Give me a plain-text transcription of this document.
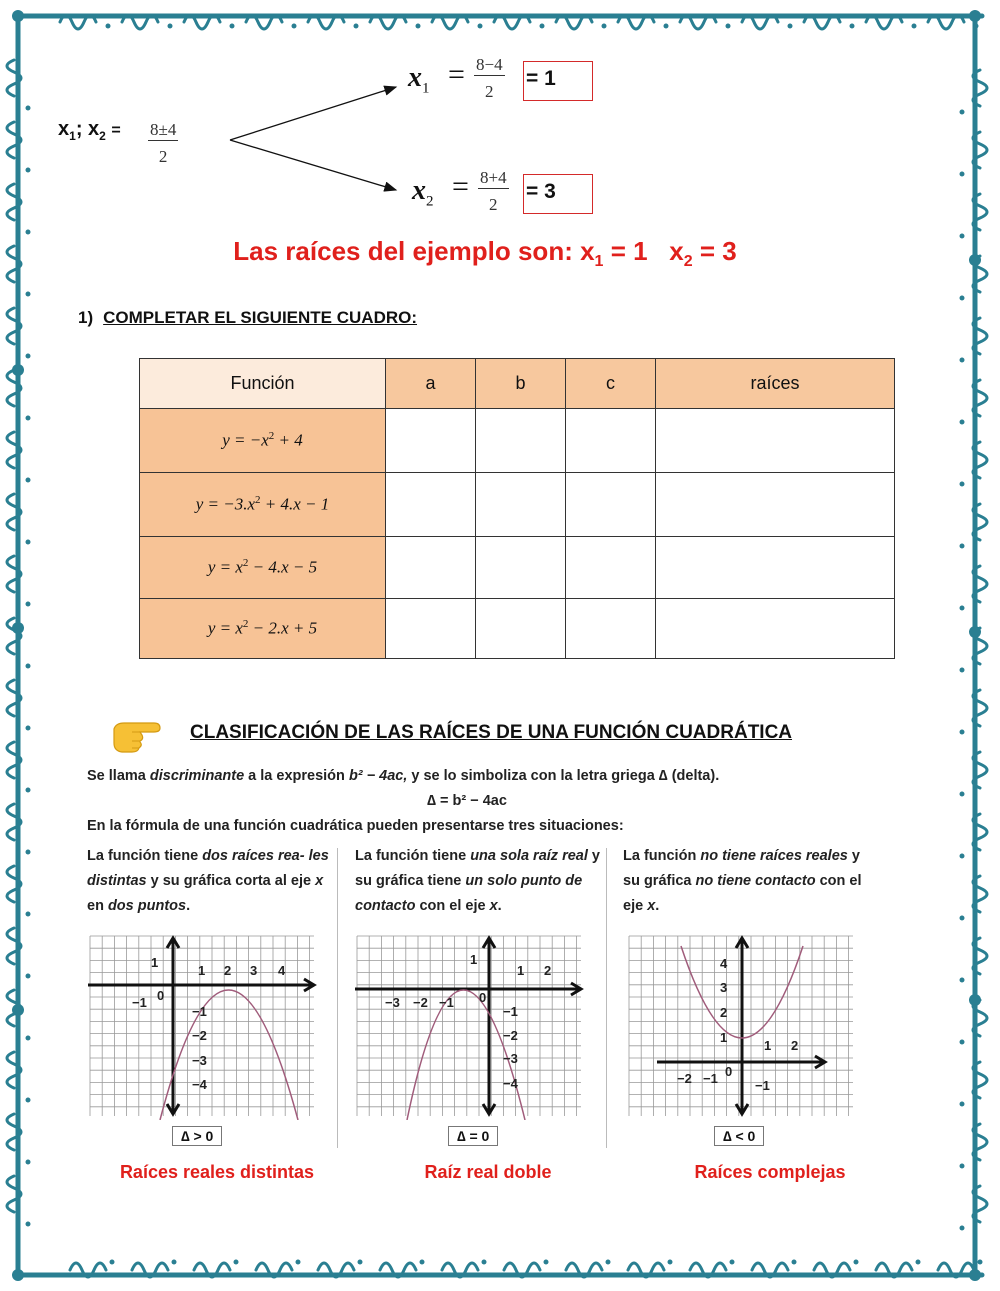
$x_1$; $x_2 = \frac{8\pm 4}{2}$
$x_1 = \frac{8-4}{2} = 1$
$x_2 = \frac{8+4}{2} = 3$
Las raíces del ejemplo son: $x_1 = 1$ $x_2 = 3$
1) COMPLETAR EL SIGUIENTE CUADRO:
Función	a	b	c	raíces
$y = -x^2 + 4$				
$y = -3.x^2 + 4.x - 1$				
$y = x^2 - 4.x - 5$				
$y = x^2 - 2.x + 5$				
CLASIFICACIÓN DE LAS RAÍCES DE UNA FUNCIÓN CUADRÁTICA
Se llama discriminante a la expresión b² − 4ac, y se lo simboliza con la letra griega ∆ (delta).
∆ = b² − 4ac
En la fórmula de una función cuadrática pueden presentarse tres situaciones:
La función tiene dos raíces rea- les distintas y su gráfica corta al eje x en dos puntos.
La función tiene una sola raíz real y su gráfica tiene un solo punto de contacto con el eje x.
La función no tiene raíces reales y su gráfica no tiene contacto con el eje x.
−1 0
1 2 3 4
1
−1
−2
−3
−4
∆ > 0
−3 −2 −1 0
1 2
1
−1
−2
−3
−4
∆ = 0
−2 −1 0
1 2
4
3
2
1
−1
∆ < 0
Raíces reales distintas	Raíz real doble	Raíces complejas
